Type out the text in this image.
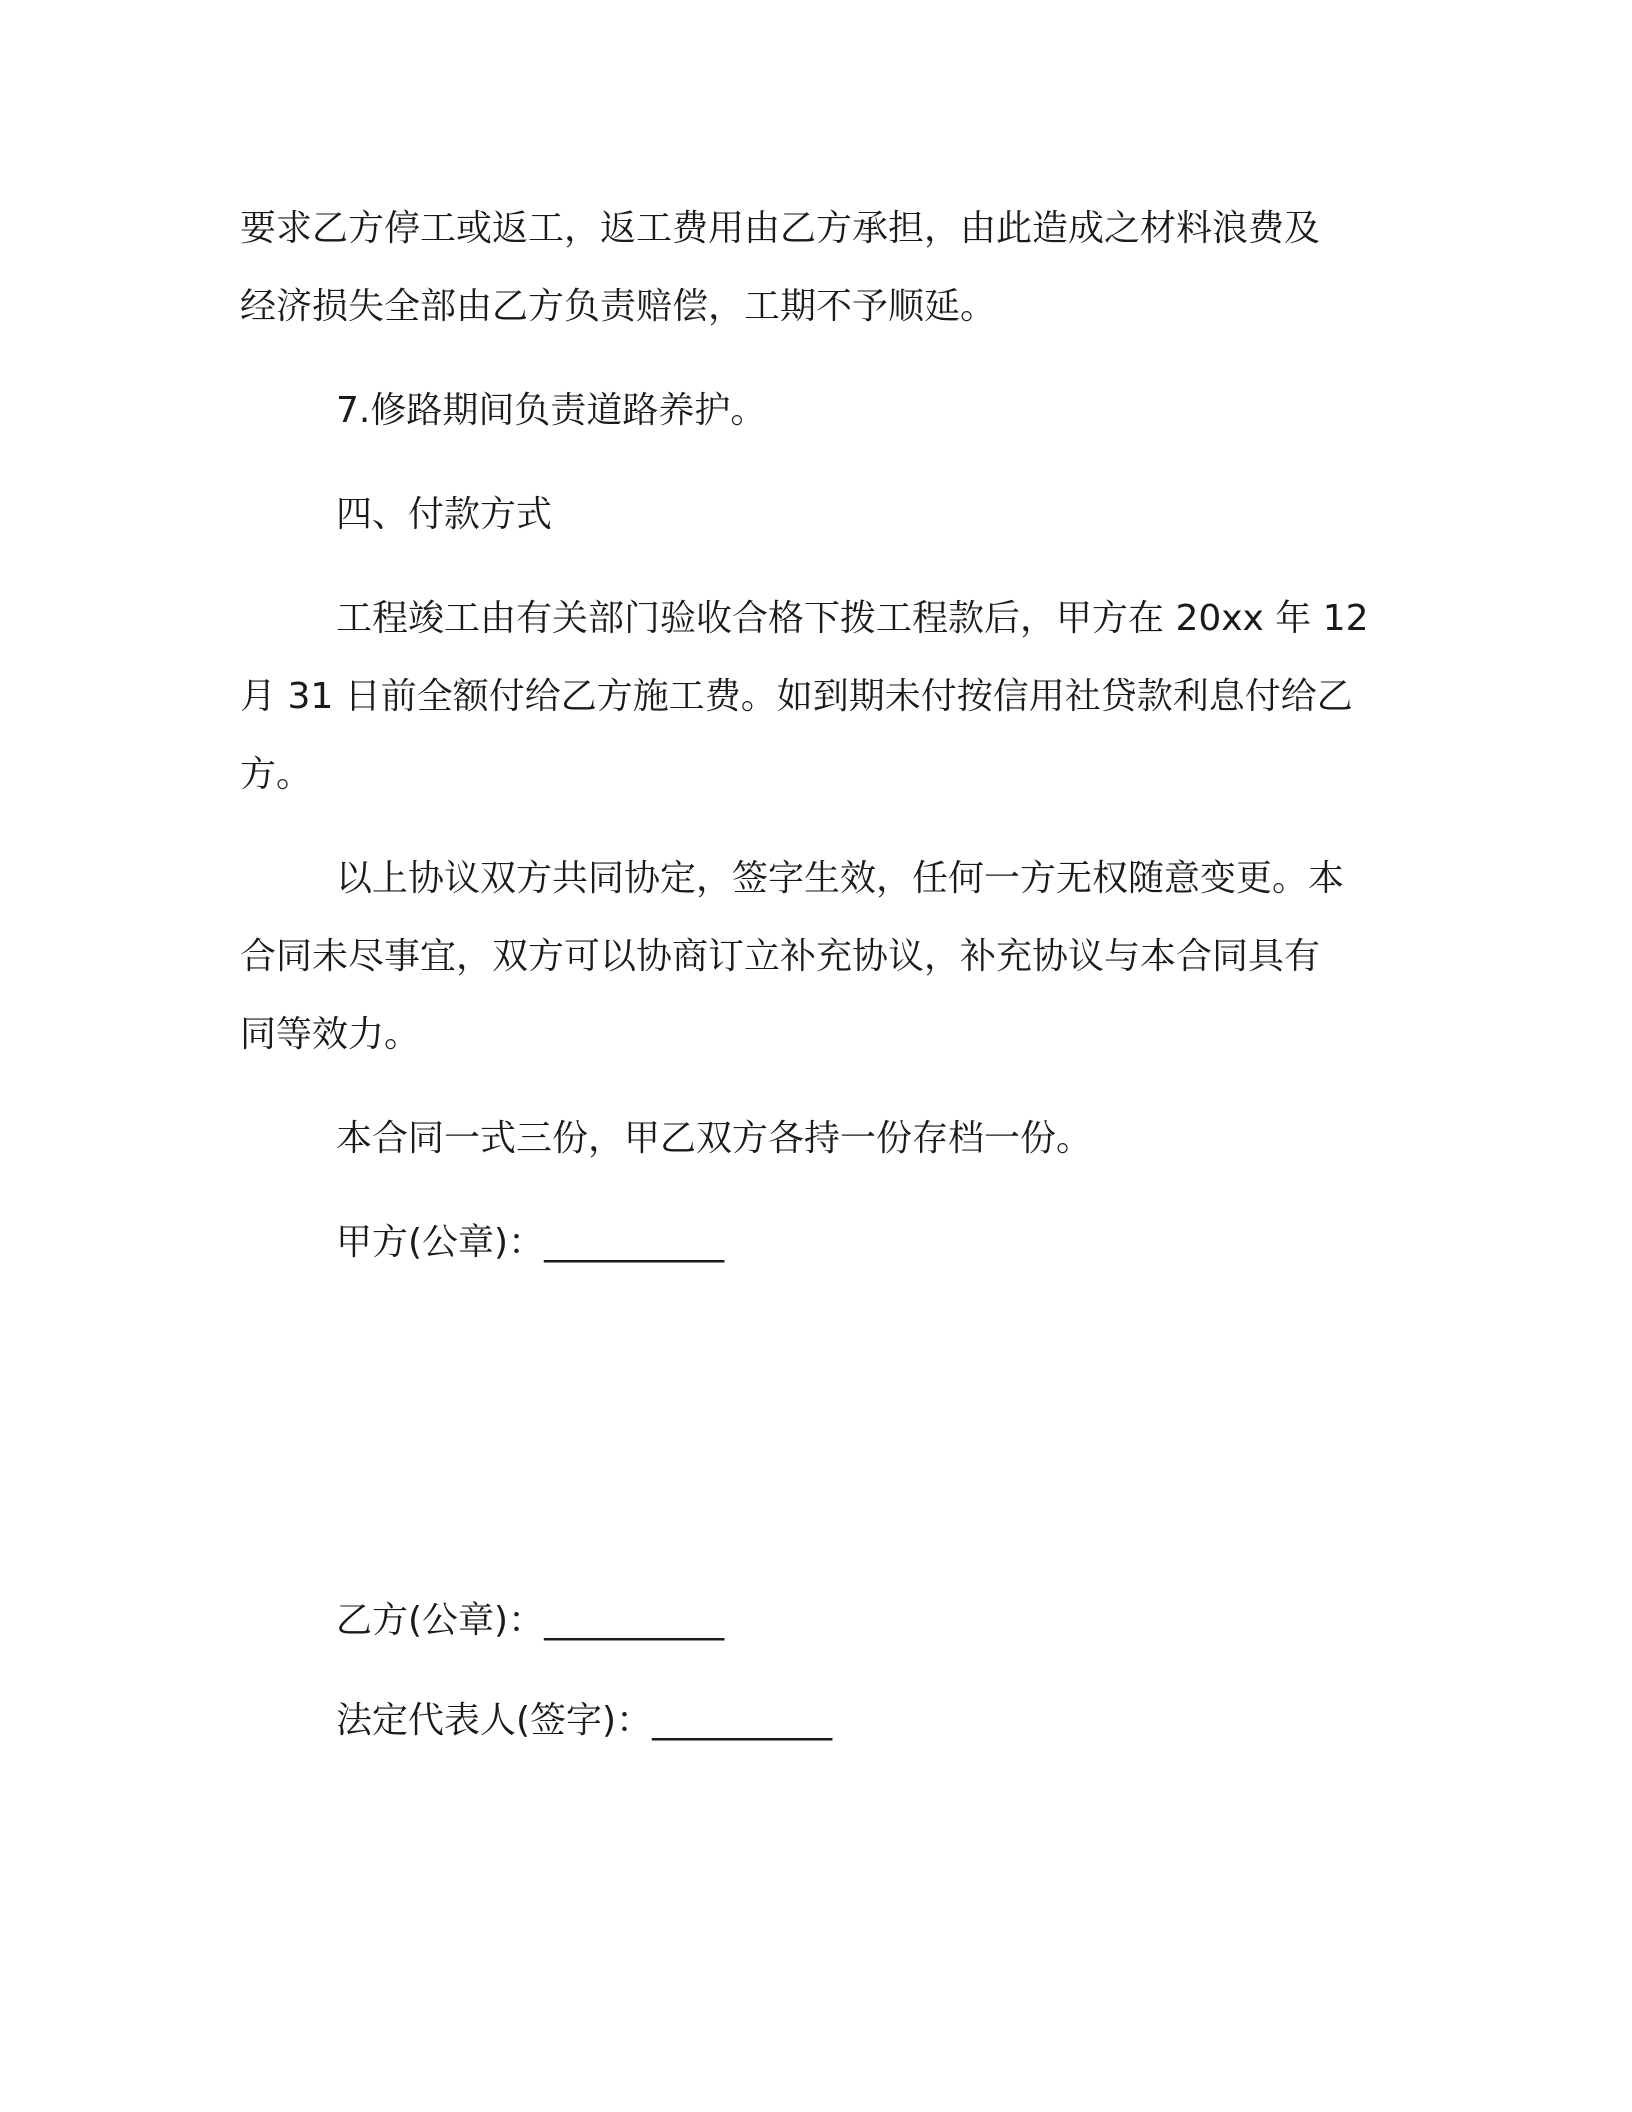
要求乙方停工或返工，返工费用由乙方承担，由此造成之材料浪费及
经济损失全部由乙方负责赔偿，工期不予顺延。

7.修路期间负责道路养护。

四、付款方式

工程竣工由有关部门验收合格下拨工程款后，甲方在 20xx 年 12
月 31 日前全额付给乙方施工费。如到期未付按信用社贷款利息付给乙
方。

以上协议双方共同协定，签字生效，任何一方无权随意变更。本
合同未尽事宜，双方可以协商订立补充协议，补充协议与本合同具有
同等效力。

本合同一式三份，甲乙双方各持一份存档一份。

甲方(公章)：__________

乙方(公章)：__________

法定代表人(签字)：__________
